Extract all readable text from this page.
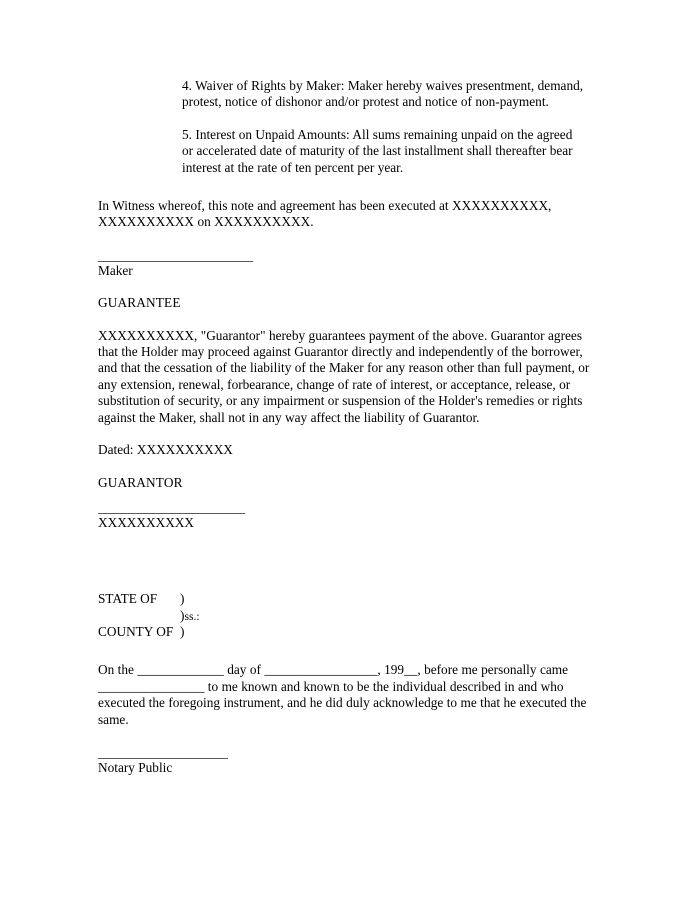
4. Waiver of Rights by Maker: Maker hereby waives presentment, demand, protest, notice of dishonor and/or protest and notice of non-payment.

5. Interest on Unpaid Amounts: All sums remaining unpaid on the agreed or accelerated date of maturity of the last installment shall thereafter bear interest at the rate of ten percent per year.

In Witness whereof, this note and agreement has been executed at XXXXXXXXXX, XXXXXXXXXX on XXXXXXXXXX.

Maker
GUARANTEE

XXXXXXXXXX, "Guarantor" hereby guarantees payment of the above. Guarantor agrees that the Holder may proceed against Guarantor directly and independently of the borrower, and that the cessation of the liability of the Maker for any reason other than full payment, or any extension, renewal, forbearance, change of rate of interest, or acceptance, release, or substitution of security, or any impairment or suspension of the Holder's remedies or rights against the Maker, shall not in any way affect the liability of Guarantor.

Dated: XXXXXXXXXX

GUARANTOR
XXXXXXXXXX
STATE OF )
)ss.:
COUNTY OF )

On the _____________ day of _________________, 199__, before me personally came ________________ to me known and known to be the individual described in and who executed the foregoing instrument, and he did duly acknowledge to me that he executed the same.

Notary Public
